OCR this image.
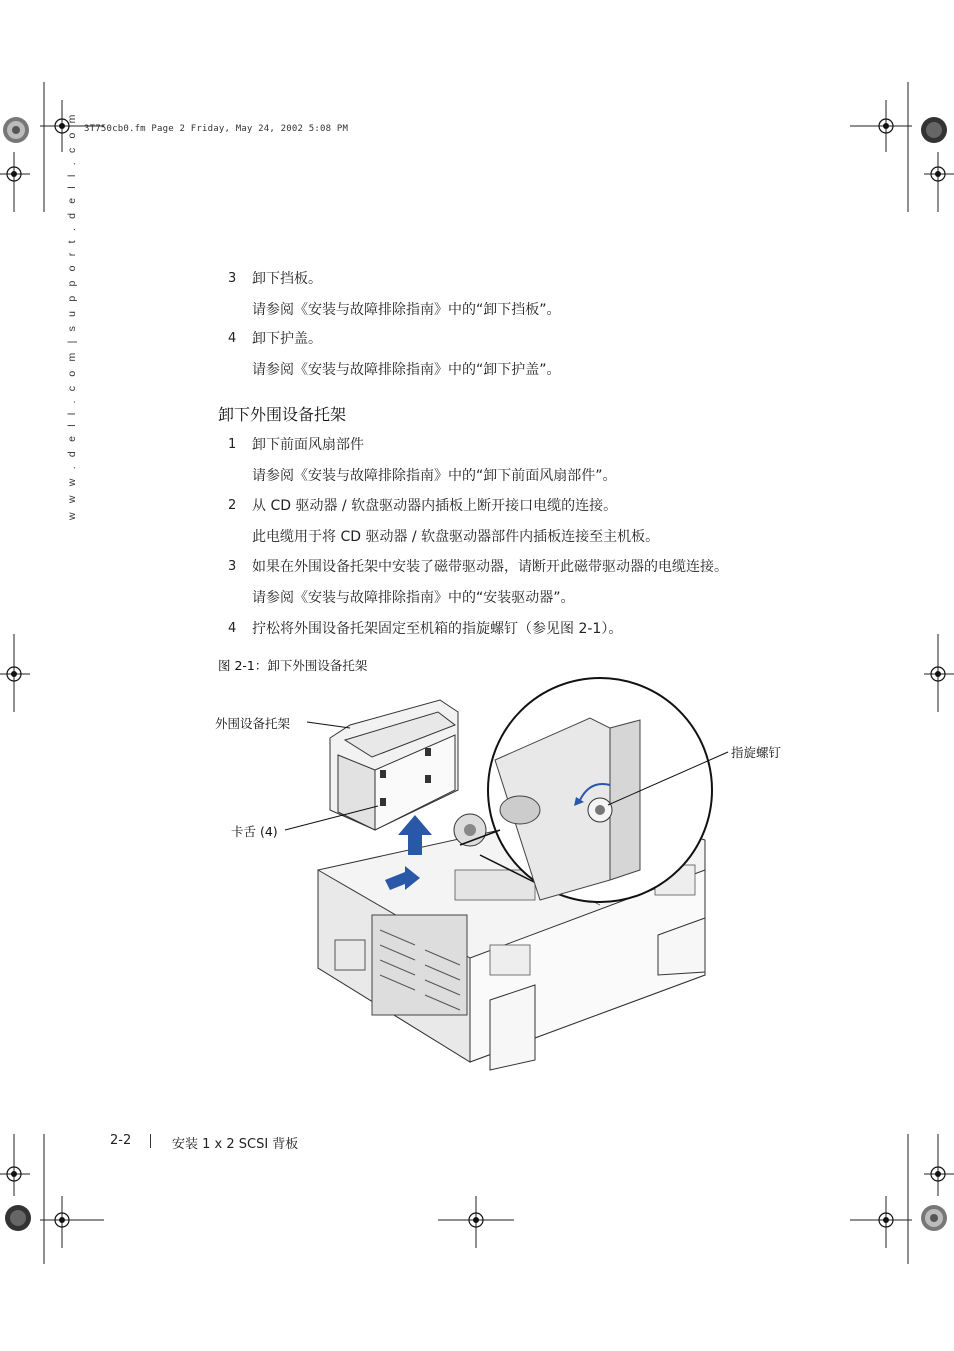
3T750cb0.fm Page 2 Friday, May 24, 2002 5:08 PM
w w w . d e l l . c o m | s u p p o r t . d e l l . c o m	3 卸下挡板。
请参阅《安装与故障排除指南》中的“卸下挡板”。
4 卸下护盖。
请参阅《安装与故障排除指南》中的“卸下护盖”。
卸下外围设备托架
1 卸下前面风扇部件
请参阅《安装与故障排除指南》中的“卸下前面风扇部件”。
2 从 CD 驱动器 / 软盘驱动器内插板上断开接口电缆的连接。
此电缆用于将 CD 驱动器 / 软盘驱动器部件内插板连接至主机板。
3 如果在外围设备托架中安装了磁带驱动器，请断开此磁带驱动器的电缆连接。
请参阅《安装与故障排除指南》中的“安装驱动器”。
4 拧松将外围设备托架固定至机箱的指旋螺钉（参见图 2-1）。
图 2-1：卸下外围设备托架
外围设备托架
指旋螺钉
卡舌 (4)
2-2	安装 1 x 2 SCSI 背板
